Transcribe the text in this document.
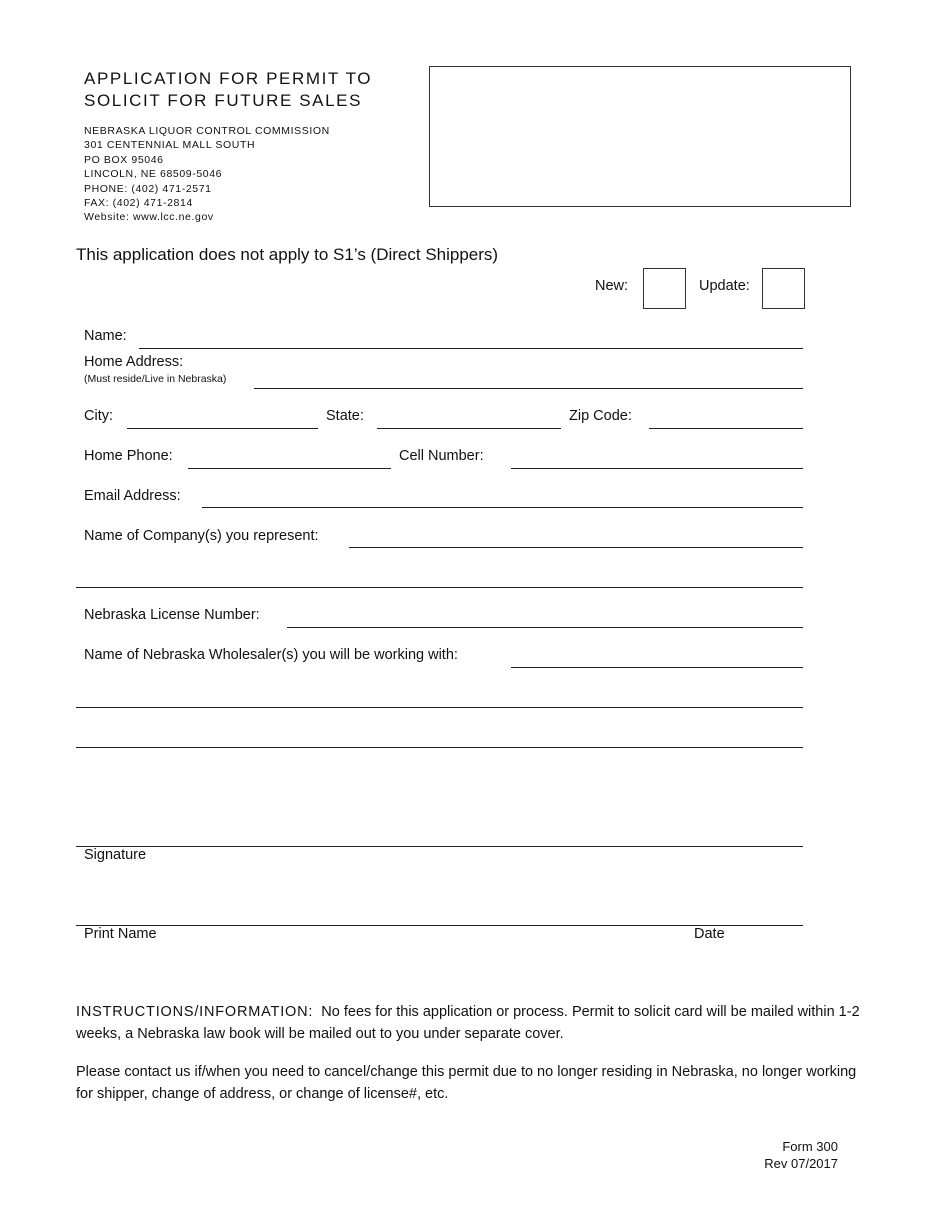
APPLICATION FOR PERMIT TO
SOLICIT FOR FUTURE SALES
NEBRASKA LIQUOR CONTROL COMMISSION
301 CENTENNIAL MALL SOUTH
PO BOX 95046
LINCOLN, NE 68509-5046
PHONE: (402) 471-2571
FAX: (402) 471-2814
Website: www.lcc.ne.gov
This application does not apply to S1’s (Direct Shippers)
New:	Update:
Name:
Home Address:
(Must reside/Live in Nebraska)
City:	State:	Zip Code:
Home Phone:	Cell Number:
Email Address:
Name of Company(s) you represent:
Nebraska License Number:
Name of Nebraska Wholesaler(s) you will be working with:
Signature
Print Name	Date
INSTRUCTIONS/INFORMATION: No fees for this application or process. Permit to solicit card will be mailed within 1-2 weeks, a Nebraska law book will be mailed out to you under separate cover.
Please contact us if/when you need to cancel/change this permit due to no longer residing in Nebraska, no longer working for shipper, change of address, or change of license#, etc.
Form 300
Rev 07/2017
